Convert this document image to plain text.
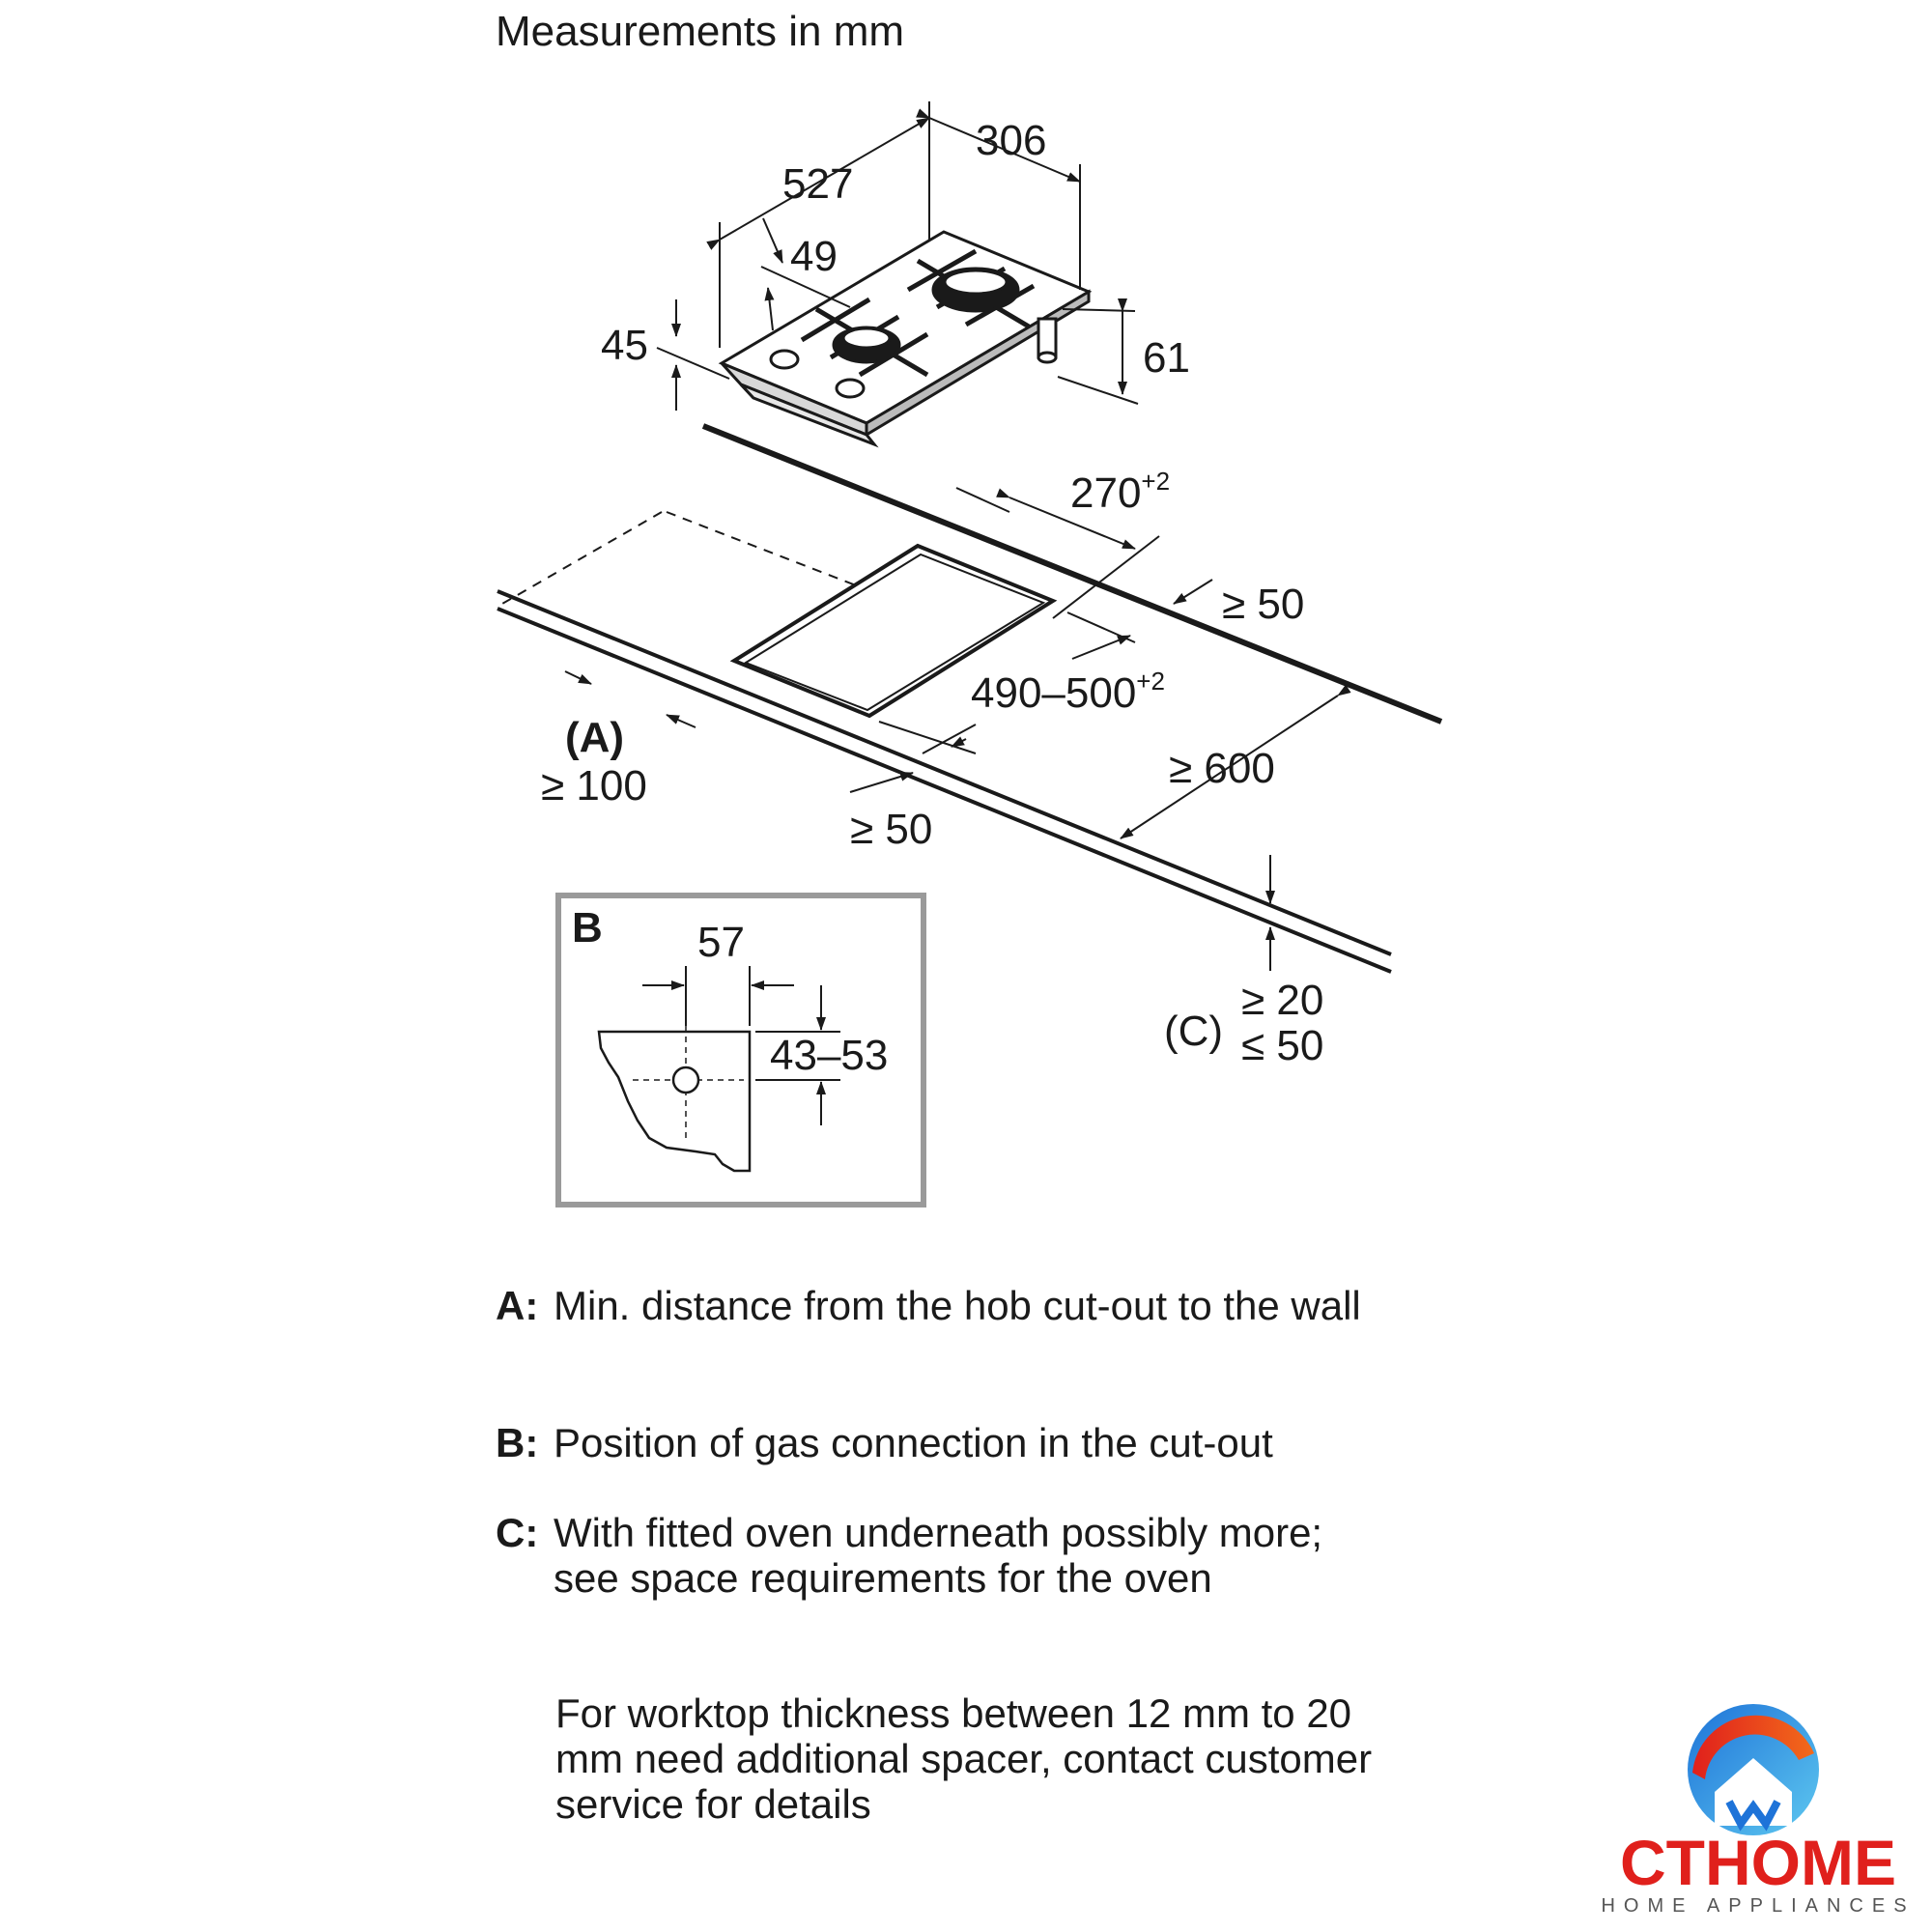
Measurements in mm
306
527
49
45	61
$270^{+2}$
≥ 50
$490-500^{+2}$
(A)
≥ 100	≥ 600
≥ 50
(C)
≥ 20
≤ 50
B 57
43–53
A: Min. distance from the hob cut-out to the wall
B: Position of gas connection in the cut-out
C: With fitted oven underneath possibly more; see space requirements for the oven
For worktop thickness between 12 mm to 20 mm need additional spacer, contact customer service for details
CTHOME
HOME APPLIANCES
